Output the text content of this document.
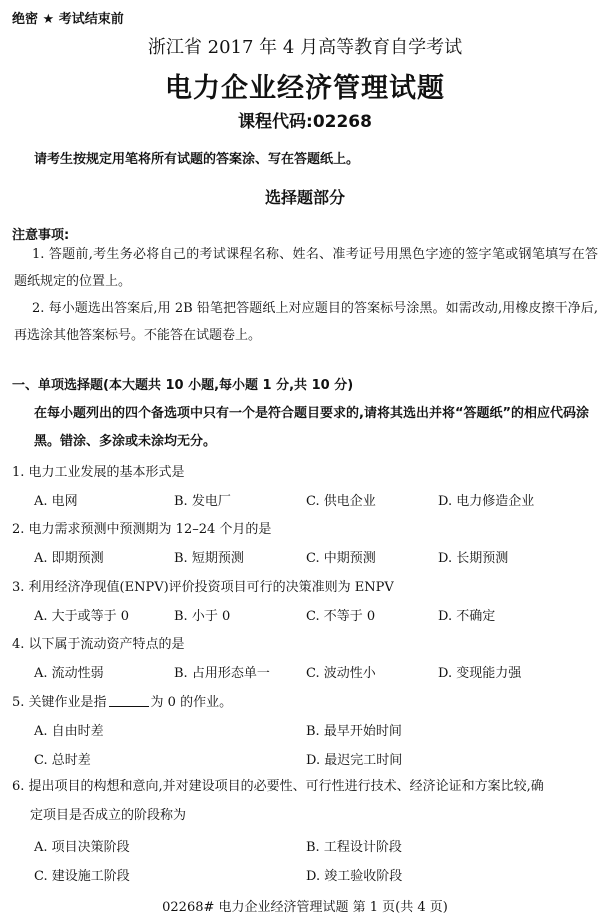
绝密 ★ 考试结束前
浙江省 2017 年 4 月高等教育自学考试
电力企业经济管理试题
课程代码:02268
请考生按规定用笔将所有试题的答案涂、写在答题纸上。
选择题部分
注意事项:
1. 答题前,考生务必将自己的考试课程名称、姓名、准考证号用黑色字迹的签字笔或钢笔填写在答题纸规定的位置上。
2. 每小题选出答案后,用 2B 铅笔把答题纸上对应题目的答案标号涂黑。如需改动,用橡皮擦干净后,再选涂其他答案标号。不能答在试题卷上。
一、单项选择题(本大题共 10 小题,每小题 1 分,共 10 分)
在每小题列出的四个备选项中只有一个是符合题目要求的,请将其选出并将“答题纸”的相应代码涂黑。错涂、多涂或未涂均无分。
1. 电力工业发展的基本形式是
A. 电网	B. 发电厂	C. 供电企业	D. 电力修造企业
2. 电力需求预测中预测期为 12–24 个月的是
A. 即期预测	B. 短期预测	C. 中期预测	D. 长期预测
3. 利用经济净现值(ENPV)评价投资项目可行的决策准则为 ENPV
A. 大于或等于 0	B. 小于 0	C. 不等于 0	D. 不确定
4. 以下属于流动资产特点的是
A. 流动性弱	B. 占用形态单一	C. 波动性小	D. 变现能力强
5. 关键作业是指	为 0 的作业。
A. 自由时差	B. 最早开始时间
C. 总时差	D. 最迟完工时间
6. 提出项目的构想和意向,并对建设项目的必要性、可行性进行技术、经济论证和方案比较,确
定项目是否成立的阶段称为
A. 项目决策阶段	B. 工程设计阶段
C. 建设施工阶段	D. 竣工验收阶段
02268# 电力企业经济管理试题 第 1 页(共 4 页)
